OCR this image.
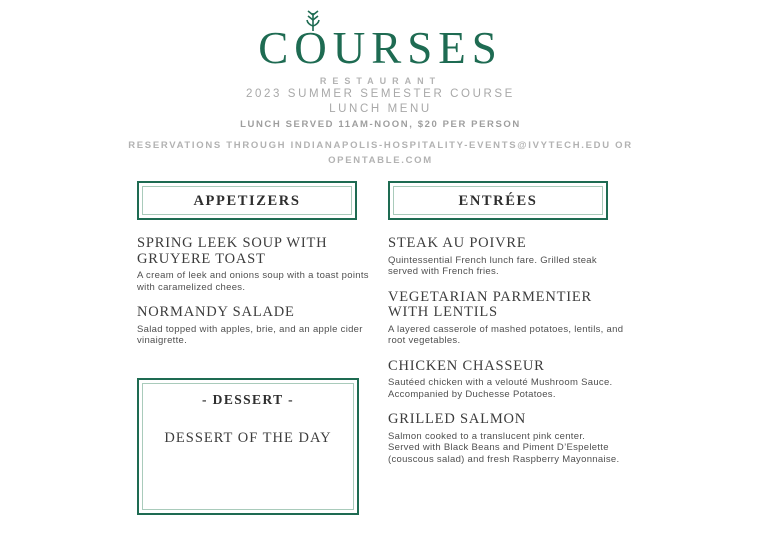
C
OURSES
RESTAURANT
2023 SUMMER SEMESTER COURSE
LUNCH MENU
LUNCH SERVED 11AM-NOON, $20 PER PERSON
RESERVATIONS THROUGH INDIANAPOLIS-HOSPITALITY-EVENTS@IVYTECH.EDU OR OPENTABLE.COM
APPETIZERS
SPRING LEEK SOUP WITH GRUYERE TOAST
A cream of leek and onions soup with a toast points with caramelized chees.
NORMANDY SALADE
Salad topped with apples, brie, and an apple cider vinaigrette.
- DESSERT -
DESSERT OF THE DAY
ENTRÉES
STEAK AU POIVRE
Quintessential French lunch fare. Grilled steak served with French fries.
VEGETARIAN PARMENTIER WITH LENTILS
A layered casserole of mashed potatoes, lentils, and root vegetables.
CHICKEN CHASSEUR
Sautéed chicken with a velouté Mushroom Sauce. Accompanied by Duchesse Potatoes.
GRILLED SALMON
Salmon cooked to a translucent pink center. Served with Black Beans and Piment D’Espelette (couscous salad) and fresh Raspberry Mayonnaise.
